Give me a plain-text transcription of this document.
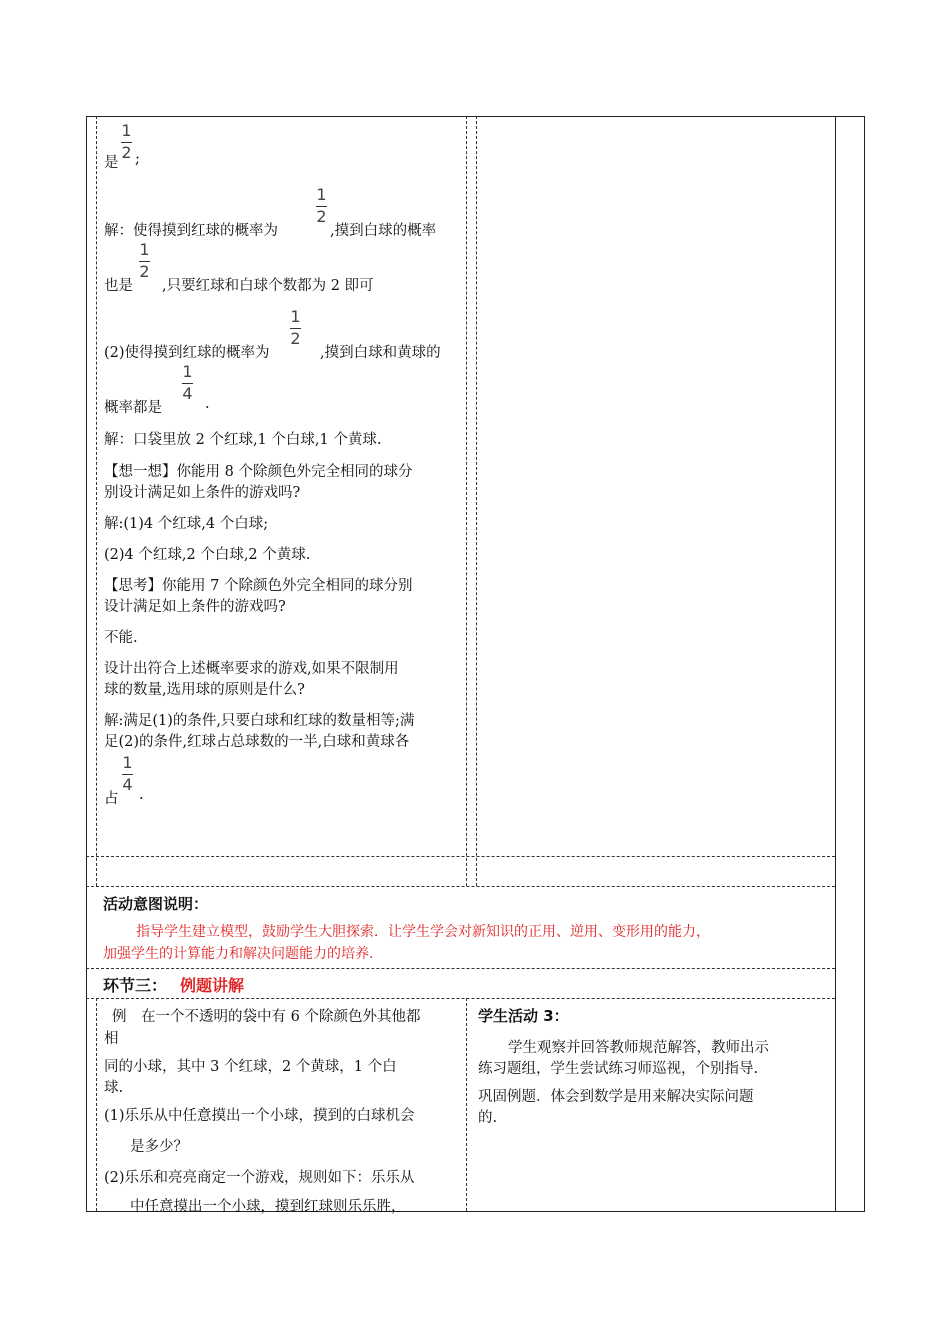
1
2
是 ;
1
2
解：使得摸到红球的概率为	,摸到白球的概率
1
2
也是 ,只要红球和白球个数都为 2 即可
1
2
(2)使得摸到红球的概率为	,摸到白球和黄球的
1
4
概率都是	.
解：口袋里放 2 个红球,1 个白球,1 个黄球.
【想一想】你能用 8 个除颜色外完全相同的球分
别设计满足如上条件的游戏吗?
解:(1)4 个红球,4 个白球;
(2)4 个红球,2 个白球,2 个黄球.
【思考】你能用 7 个除颜色外完全相同的球分别
设计满足如上条件的游戏吗?
不能.
设计出符合上述概率要求的游戏,如果不限制用
球的数量,选用球的原则是什么?
解:满足(1)的条件,只要白球和红球的数量相等;满
足(2)的条件,红球占总球数的一半,白球和黄球各
1
4
占 .
活动意图说明：
指导学生建立模型，鼓励学生大胆探索．让学生学会对新知识的正用、逆用、变形用的能力，
加强学生的计算能力和解决问题能力的培养.
环节三： 例题讲解
例　在一个不透明的袋中有 6 个除颜色外其他都
相
同的小球，其中 3 个红球，2 个黄球，1 个白
球.
(1)乐乐从中任意摸出一个小球，摸到的白球机会
是多少？
(2)乐乐和亮亮商定一个游戏，规则如下：乐乐从
中任意摸出一个小球，摸到红球则乐乐胜，
学生活动 3：
学生观察并回答教师规范解答，教师出示
练习题组，学生尝试练习师巡视，个别指导.
巩固例题．体会到数学是用来解决实际问题
的.
